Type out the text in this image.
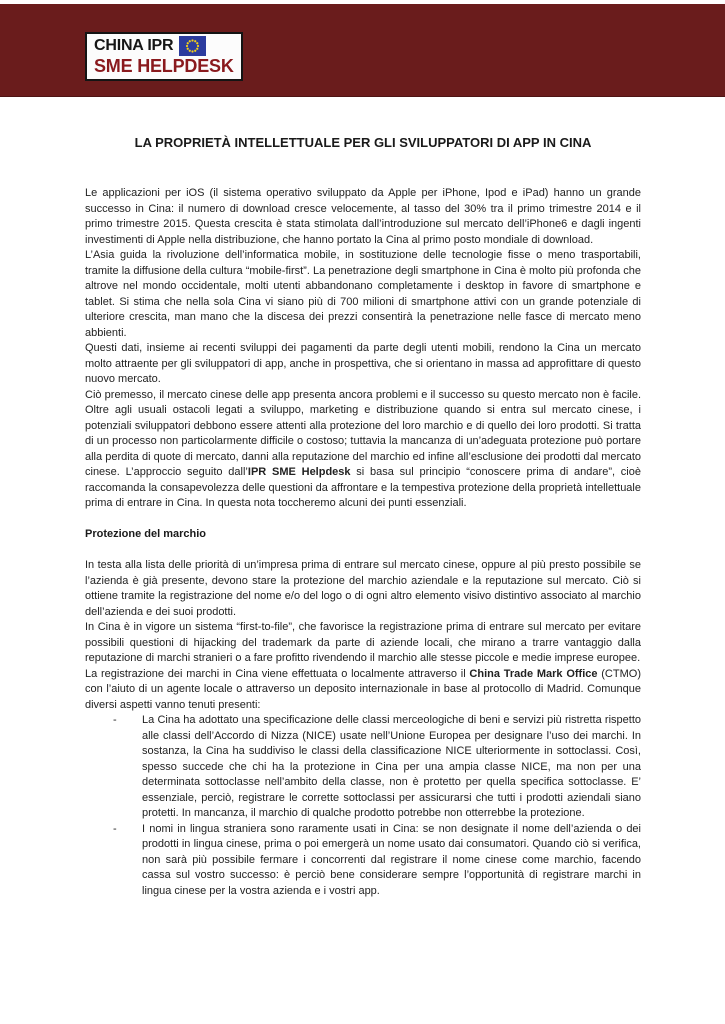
CHINA IPR
SME HELPDESK
LA PROPRIETÀ INTELLETTUALE PER GLI SVILUPPATORI DI APP IN CINA

Le applicazioni per iOS (il sistema operativo sviluppato da Apple per iPhone, Ipod e iPad) hanno un grande successo in Cina: il numero di download cresce velocemente, al tasso del 30% tra il primo trimestre 2014 e il primo trimestre 2015. Questa crescita è stata stimolata dall’introduzione sul mercato dell’iPhone6 e dagli ingenti investimenti di Apple nella distribuzione, che hanno portato la Cina al primo posto mondiale di download.

L’Asia guida la rivoluzione dell’informatica mobile, in sostituzione delle tecnologie fisse o meno trasportabili, tramite la diffusione della cultura “mobile-first”. La penetrazione degli smartphone in Cina è molto più profonda che altrove nel mondo occidentale, molti utenti abbandonano completamente i desktop in favore di smartphone e tablet. Si stima che nella sola Cina vi siano più di 700 milioni di smartphone attivi con un grande potenziale di ulteriore crescita, man mano che la discesa dei prezzi consentirà la penetrazione nelle fasce di mercato meno abbienti.

Questi dati, insieme ai recenti sviluppi dei pagamenti da parte degli utenti mobili, rendono la Cina un mercato molto attraente per gli sviluppatori di app, anche in prospettiva, che si orientano in massa ad approfittare di questo nuovo mercato.

Ciò premesso, il mercato cinese delle app presenta ancora problemi e il successo su questo mercato non è facile. Oltre agli usuali ostacoli legati a sviluppo, marketing e distribuzione quando si entra sul mercato cinese, i potenziali sviluppatori debbono essere attenti alla protezione del loro marchio e di quello dei loro prodotti. Si tratta di un processo non particolarmente difficile o costoso; tuttavia la mancanza di un’adeguata protezione può portare alla perdita di quote di mercato, danni alla reputazione del marchio ed infine all’esclusione dei prodotti dal mercato cinese. L’approccio seguito dall’IPR SME Helpdesk si basa sul principio “conoscere prima di andare”, cioè raccomanda la consapevolezza delle questioni da affrontare e la tempestiva protezione della proprietà intellettuale prima di entrare in Cina. In questa nota toccheremo alcuni dei punti essenziali.

Protezione del marchio

In testa alla lista delle priorità di un’impresa prima di entrare sul mercato cinese, oppure al più presto possibile se l’azienda è già presente, devono stare la protezione del marchio aziendale e la reputazione sul mercato. Ciò si ottiene tramite la registrazione del nome e/o del logo o di ogni altro elemento visivo distintivo associato al marchio dell’azienda e dei suoi prodotti.

In Cina è in vigore un sistema “first-to-file”, che favorisce la registrazione prima di entrare sul mercato per evitare possibili questioni di hijacking del trademark da parte di aziende locali, che mirano a trarre vantaggio dalla reputazione di marchi stranieri o a fare profitto rivendendo il marchio alle stesse piccole e medie imprese europee.

La registrazione dei marchi in Cina viene effettuata o localmente attraverso il China Trade Mark Office (CTMO) con l’aiuto di un agente locale o attraverso un deposito internazionale in base al protocollo di Madrid. Comunque diversi aspetti vanno tenuti presenti:

-	La Cina ha adottato una specificazione delle classi merceologiche di beni e servizi più ristretta rispetto alle classi dell’Accordo di Nizza (NICE) usate nell’Unione Europea per designare l’uso dei marchi. In sostanza, la Cina ha suddiviso le classi della classificazione NICE ulteriormente in sottoclassi. Così, spesso succede che chi ha la protezione in Cina per una ampia classe NICE, ma non per una determinata sottoclasse nell’ambito della classe, non è protetto per quella specifica sottoclasse. E’ essenziale, perciò, registrare le corrette sottoclassi per assicurarsi che tutti i prodotti aziendali siano protetti. In mancanza, il marchio di qualche prodotto potrebbe non otterrebbe la protezione.
-	I nomi in lingua straniera sono raramente usati in Cina: se non designate il nome dell’azienda o dei prodotti in lingua cinese, prima o poi emergerà un nome usato dai consumatori. Quando ciò si verifica, non sarà più possibile fermare i concorrenti dal registrare il nome cinese come marchio, facendo cassa sul vostro successo: è perciò bene considerare sempre l’opportunità di registrare marchi in lingua cinese per la vostra azienda e i vostri app.
